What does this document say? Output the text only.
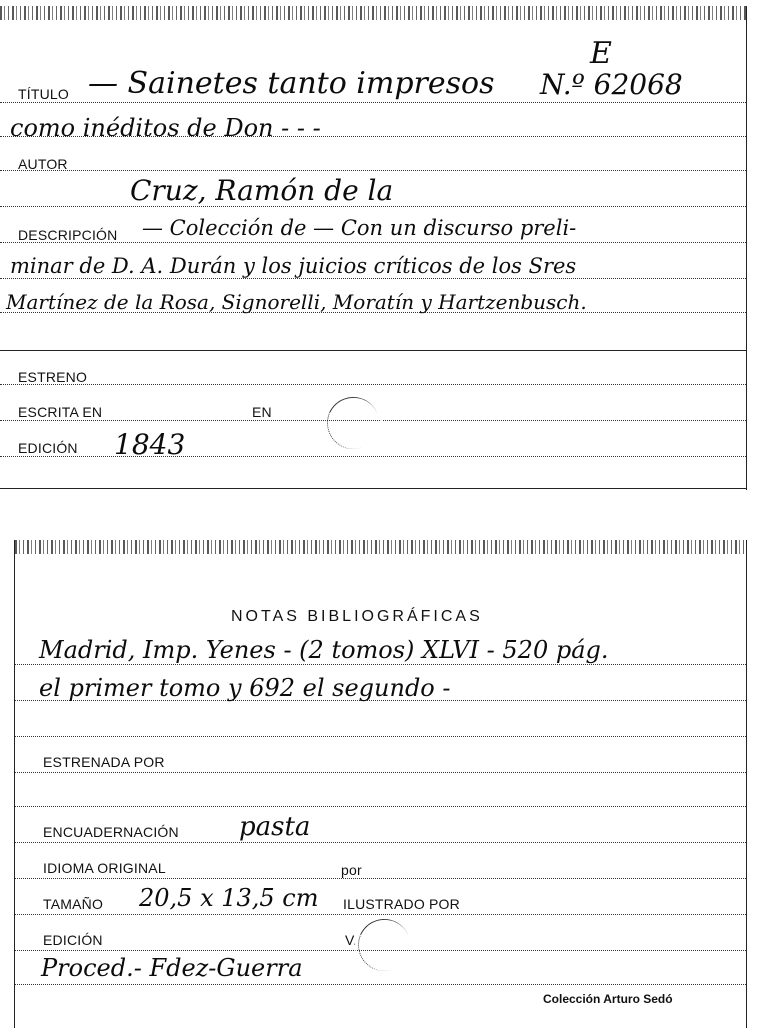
E
TÍTULO — Sainetes tanto impresos N.º 62068
como inéditos de Don - - -
AUTOR
Cruz, Ramón de la
DESCRIPCIÓN — Colección de — Con un discurso preli-
minar de D. A. Durán y los juicios críticos de los Sres
Martínez de la Rosa, Signorelli, Moratín y Hartzenbusch.
ESTRENO
ESCRITA EN	EN
EDICIÓN 1843
NOTAS BIBLIOGRÁFICAS
Madrid, Imp. Yenes - (2 tomos) XLVI - 520 pág.
el primer tomo y 692 el segundo -
ESTRENADA POR
ENCUADERNACIÓN pasta
IDIOMA ORIGINAL	por
TAMAÑO 20,5 x 13,5 cm ILUSTRADO POR
EDICIÓN	V.
Proced.- Fdez-Guerra
Colección Arturo Sedó
